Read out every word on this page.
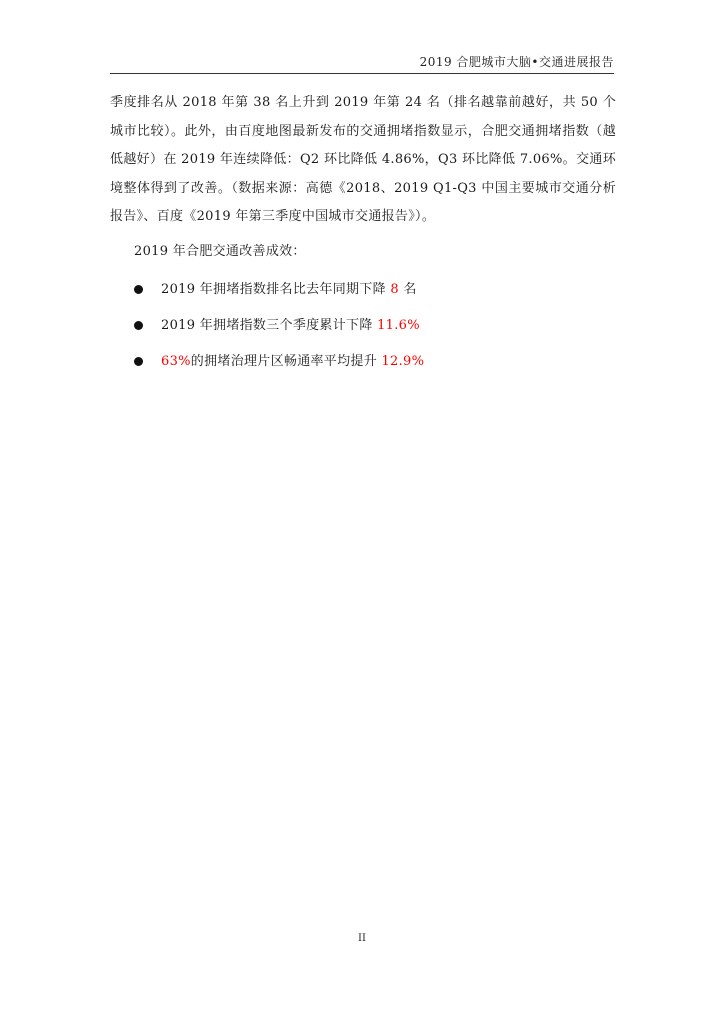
2019 合肥城市大脑•交通进展报告

季度排名从 2018 年第 38 名上升到 2019 年第 24 名（排名越靠前越好，共 50 个城市比较）。此外，由百度地图最新发布的交通拥堵指数显示，合肥交通拥堵指数（越低越好）在 2019 年连续降低：Q2 环比降低 4.86%，Q3 环比降低 7.06%。交通环境整体得到了改善。（数据来源：高德《2018、2019 Q1-Q3 中国主要城市交通分析报告》、百度《2019 年第三季度中国城市交通报告》）。

2019 年合肥交通改善成效：

2019 年拥堵指数排名比去年同期下降 8 名
2019 年拥堵指数三个季度累计下降 11.6%
63%的拥堵治理片区畅通率平均提升 12.9%
II
